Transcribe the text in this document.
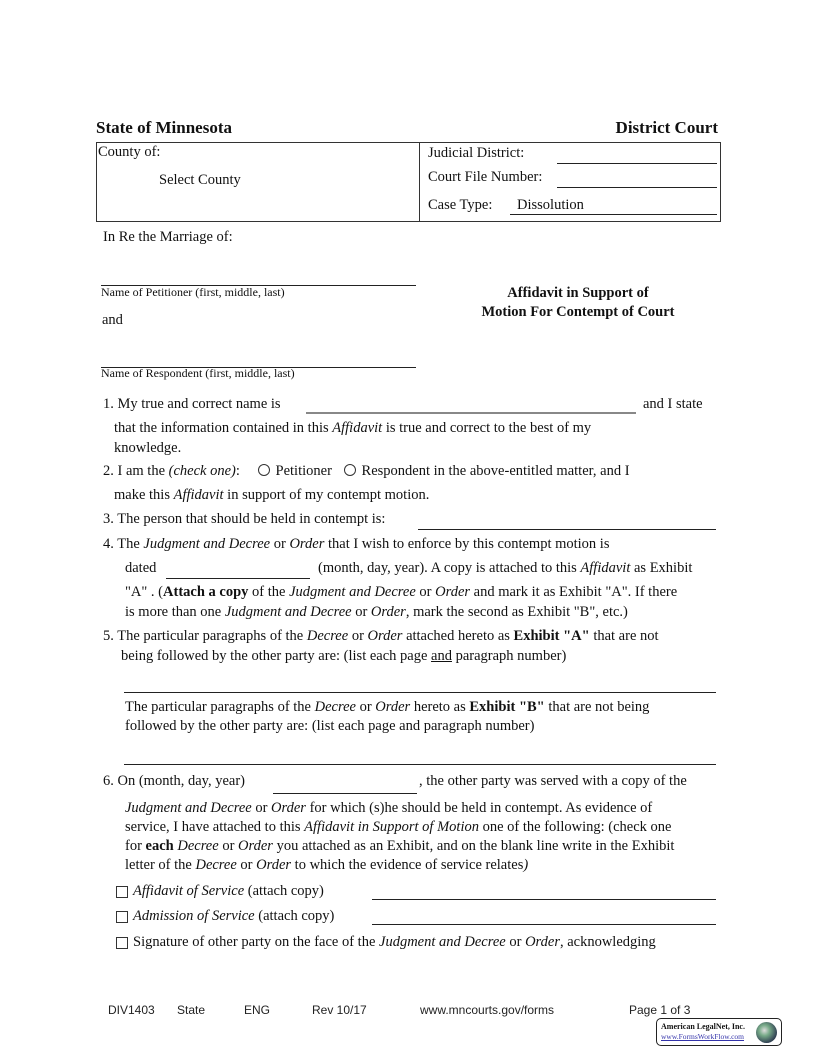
State of Minnesota	District Court
County of:
Select County
Judicial District:
Court File Number:
Case Type: Dissolution
In Re the Marriage of:
Name of Petitioner (first, middle, last)
and
Name of Respondent (first, middle, last)
Affidavit in Support of
Motion For Contempt of Court
1. My true and correct name is	and I state
that the information contained in this Affidavit is true and correct to the best of my
knowledge.
2. I am the (check one): Petitioner Respondent in the above-entitled matter, and I
make this Affidavit in support of my contempt motion.
3. The person that should be held in contempt is:
4. The Judgment and Decree or Order that I wish to enforce by this contempt motion is
dated	(month, day, year). A copy is attached to this Affidavit as Exhibit
"A" . (Attach a copy of the Judgment and Decree or Order and mark it as Exhibit "A". If there
is more than one Judgment and Decree or Order, mark the second as Exhibit "B", etc.)
5. The particular paragraphs of the Decree or Order attached hereto as Exhibit "A" that are not
being followed by the other party are: (list each page and paragraph number)
The particular paragraphs of the Decree or Order hereto as Exhibit "B" that are not being
followed by the other party are: (list each page and paragraph number)
6. On (month, day, year)	, the other party was served with a copy of the
Judgment and Decree or Order for which (s)he should be held in contempt. As evidence of
service, I have attached to this Affidavit in Support of Motion one of the following: (check one
for each Decree or Order you attached as an Exhibit, and on the blank line write in the Exhibit
letter of the Decree or Order to which the evidence of service relates)
Affidavit of Service (attach copy)
Admission of Service (attach copy)
Signature of other party on the face of the Judgment and Decree or Order, acknowledging
DIV1403 State	ENG	Rev 10/17	www.mncourts.gov/forms	Page 1 of 3
American LegalNet, Inc.
www.FormsWorkFlow.com
